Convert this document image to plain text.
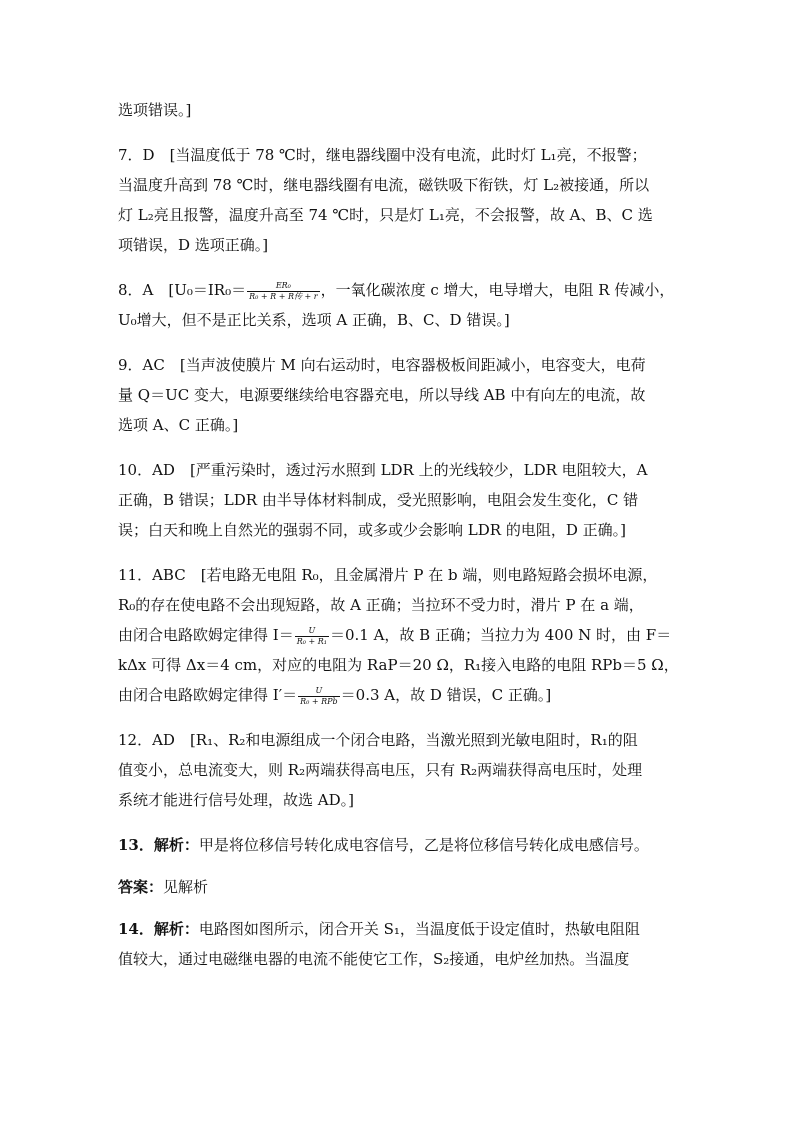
选项错误。]

7．D　[当温度低于 78 ℃时，继电器线圈中没有电流，此时灯 L₁亮，不报警；
当温度升高到 78 ℃时，继电器线圈有电流，磁铁吸下衔铁，灯 L₂被接通，所以
灯 L₂亮且报警，温度升高至 74 ℃时，只是灯 L₁亮，不会报警，故 A、B、C 选
项错误，D 选项正确。]

8．A　[$U_0=IR_0= \frac{\text{ER₀}}{\text{R₀ + R + R传 + r}}$ ，一氧化碳浓度 c 增大，电导增大，电阻 R 传减小，
U₀增大，但不是正比关系，选项 A 正确，B、C、D 错误。]

9．AC　[当声波使膜片 M 向右运动时，电容器极板间距减小，电容变大，电荷
量 Q＝UC 变大，电源要继续给电容器充电，所以导线 AB 中有向左的电流，故
选项 A、C 正确。]

10．AD　[严重污染时，透过污水照到 LDR 上的光线较少，LDR 电阻较大，A
正确，B 错误；LDR 由半导体材料制成，受光照影响，电阻会发生变化，C 错
误；白天和晚上自然光的强弱不同，或多或少会影响 LDR 的电阻，D 正确。]

11．ABC　[若电路无电阻 R₀，且金属滑片 P 在 b 端，则电路短路会损坏电源，
R₀的存在使电路不会出现短路，故 A 正确；当拉环不受力时，滑片 P 在 a 端，
由闭合电路欧姆定律得 $I= \frac{U}{\text{R₀ + R₁}} =0.1$ A，故 B 正确；当拉力为 400 N 时，由 F＝
kΔx 可得 Δx＝4 cm，对应的电阻为 RaP＝20 Ω，R₁接入电路的电阻 RPb＝5 Ω，
由闭合电路欧姆定律得 $I'= \frac{U}{\text{R₀ + RPb}} =0.3$ A，故 D 错误，C 正确。]

12．AD　[R₁、R₂和电源组成一个闭合电路，当激光照到光敏电阻时，R₁的阻
值变小，总电流变大，则 R₂两端获得高电压，只有 R₂两端获得高电压时，处理
系统才能进行信号处理，故选 AD。]

13．解析：甲是将位移信号转化成电容信号，乙是将位移信号转化成电感信号。

答案：见解析

14．解析：电路图如图所示，闭合开关 S₁，当温度低于设定值时，热敏电阻阻
值较大，通过电磁继电器的电流不能使它工作，S₂接通，电炉丝加热。当温度
